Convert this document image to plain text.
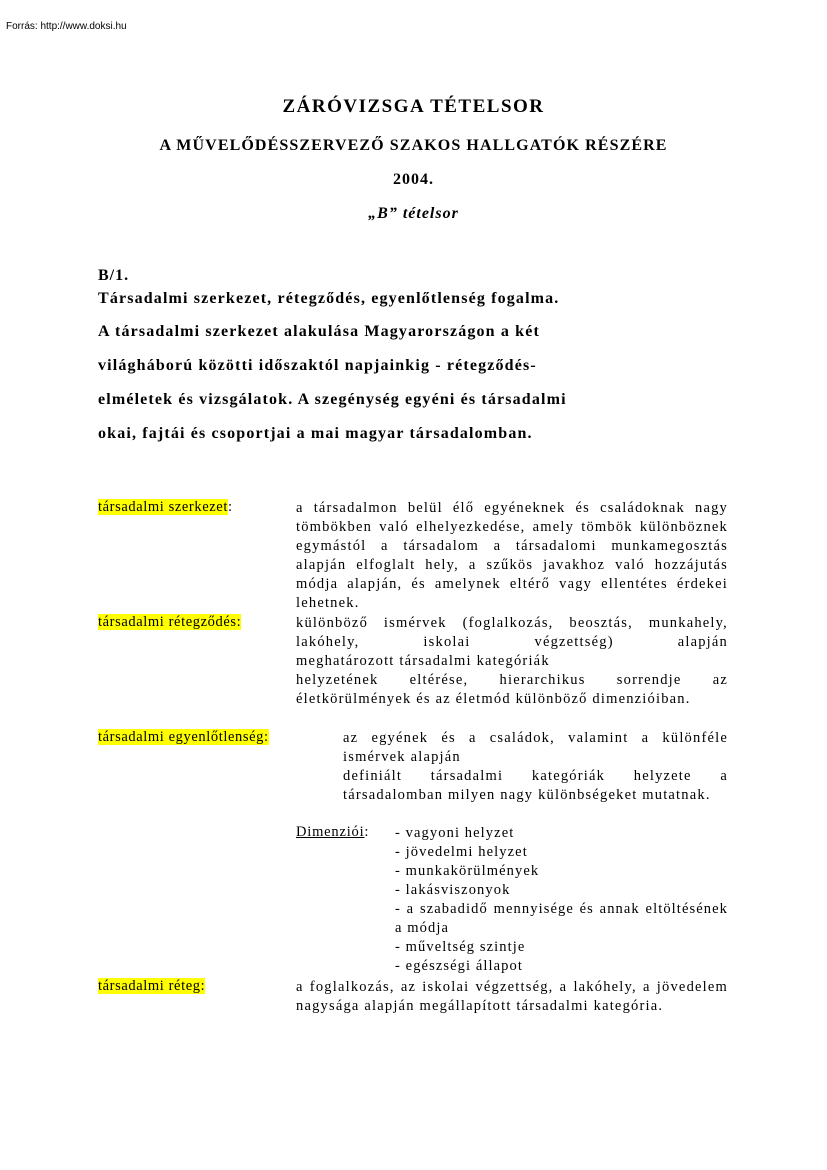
Forrás: http://www.doksi.hu
ZÁRÓVIZSGA TÉTELSOR
A MŰVELŐDÉSSZERVEZŐ SZAKOS HALLGATÓK RÉSZÉRE
2004.
„B” tételsor
B/1.
Társadalmi szerkezet, rétegződés, egyenlőtlenség fogalma.
A társadalmi szerkezet alakulása Magyarországon a két
világháború közötti időszaktól napjainkig - rétegződés-
elméletek és vizsgálatok. A szegénység egyéni és társadalmi
okai, fajtái és csoportjai a mai magyar társadalomban.
társadalmi szerkezet:	a társadalmon belül élő egyéneknek és családoknak nagy tömbökben való elhelyezkedése, amely tömbök különböznek egymástól a társadalom a társadalomi munkamegosztás alapján elfoglalt hely, a szűkös javakhoz való hozzájutás módja alapján, és amelynek eltérő vagy ellentétes érdekei lehetnek.

társadalmi rétegződés:	különböző ismérvek (foglalkozás, beosztás, munkahely, lakóhely, iskolai végzettség) alapján

meghatározott társadalmi kategóriák

helyzetének eltérése, hierarchikus sorrendje az életkörülmények és az életmód különböző dimenzióiban.

társadalmi egyenlőtlenség:	az egyének és a családok, valamint a különféle ismérvek alapján

definiált társadalmi kategóriák helyzete a társadalomban milyen nagy különbségeket mutatnak.

Dimenziói: - vagyoni helyzet
- jövedelmi helyzet
- munkakörülmények
- lakásviszonyok
- a szabadidő mennyisége és annak eltöltésének a módja
- műveltség szintje
- egészségi állapot
társadalmi réteg:	a foglalkozás, az iskolai végzettség, a lakóhely, a jövedelem nagysága alapján megállapított társadalmi kategória.
